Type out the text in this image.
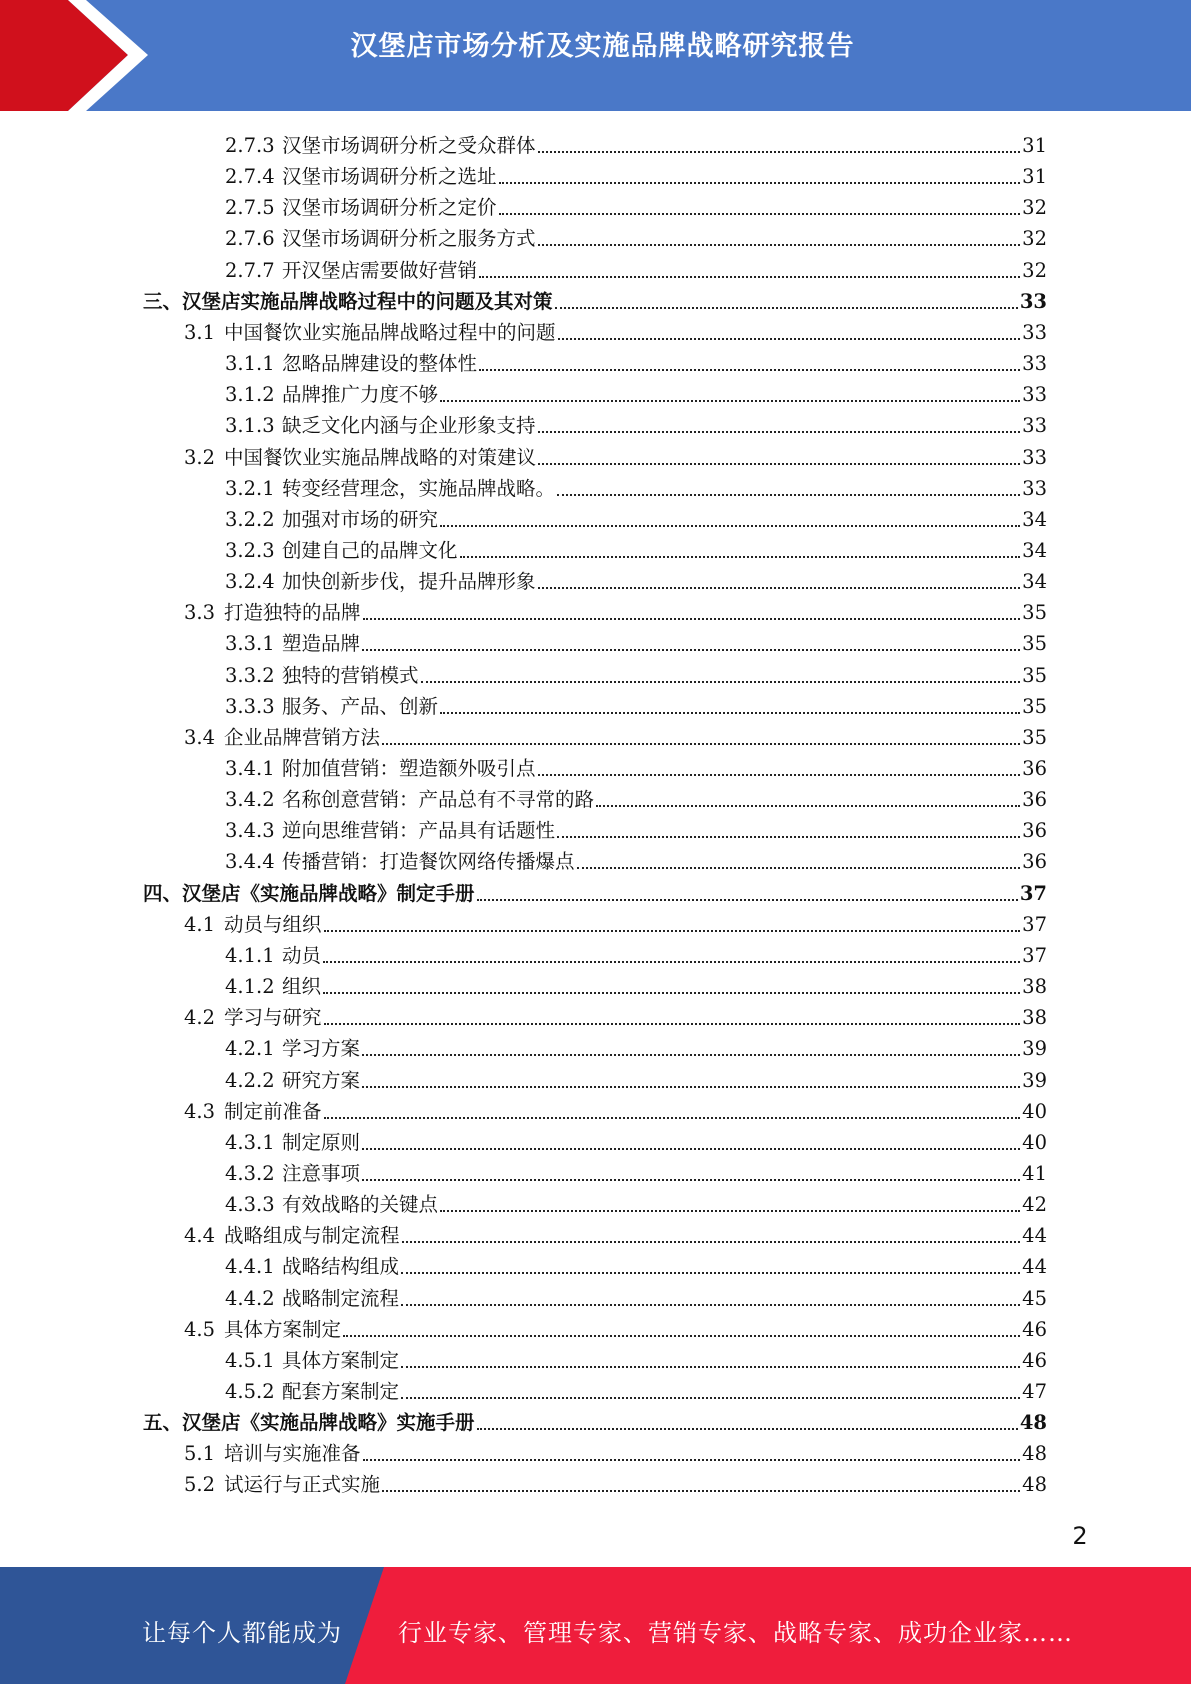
汉堡店市场分析及实施品牌战略研究报告
2.7.3 汉堡市场调研分析之受众群体	31
2.7.4 汉堡市场调研分析之选址	31
2.7.5 汉堡市场调研分析之定价	32
2.7.6 汉堡市场调研分析之服务方式	32
2.7.7 开汉堡店需要做好营销	32
三、汉堡店实施品牌战略过程中的问题及其对策	33
3.1 中国餐饮业实施品牌战略过程中的问题	33
3.1.1 忽略品牌建设的整体性	33
3.1.2 品牌推广力度不够	33
3.1.3 缺乏文化内涵与企业形象支持	33
3.2 中国餐饮业实施品牌战略的对策建议	33
3.2.1 转变经营理念，实施品牌战略。	33
3.2.2 加强对市场的研究	34
3.2.3 创建自己的品牌文化	34
3.2.4 加快创新步伐，提升品牌形象	34
3.3 打造独特的品牌	35
3.3.1 塑造品牌	35
3.3.2 独特的营销模式	35
3.3.3 服务、产品、创新	35
3.4 企业品牌营销方法	35
3.4.1 附加值营销：塑造额外吸引点	36
3.4.2 名称创意营销：产品总有不寻常的路	36
3.4.3 逆向思维营销：产品具有话题性	36
3.4.4 传播营销：打造餐饮网络传播爆点	36
四、汉堡店《实施品牌战略》制定手册	37
4.1 动员与组织	37
4.1.1 动员	37
4.1.2 组织	38
4.2 学习与研究	38
4.2.1 学习方案	39
4.2.2 研究方案	39
4.3 制定前准备	40
4.3.1 制定原则	40
4.3.2 注意事项	41
4.3.3 有效战略的关键点	42
4.4 战略组成与制定流程	44
4.4.1 战略结构组成	44
4.4.2 战略制定流程	45
4.5 具体方案制定	46
4.5.1 具体方案制定	46
4.5.2 配套方案制定	47
五、汉堡店《实施品牌战略》实施手册	48
5.1 培训与实施准备	48
5.2 试运行与正式实施	48
2
让每个人都能成为 行业专家、管理专家、营销专家、战略专家、成功企业家……
